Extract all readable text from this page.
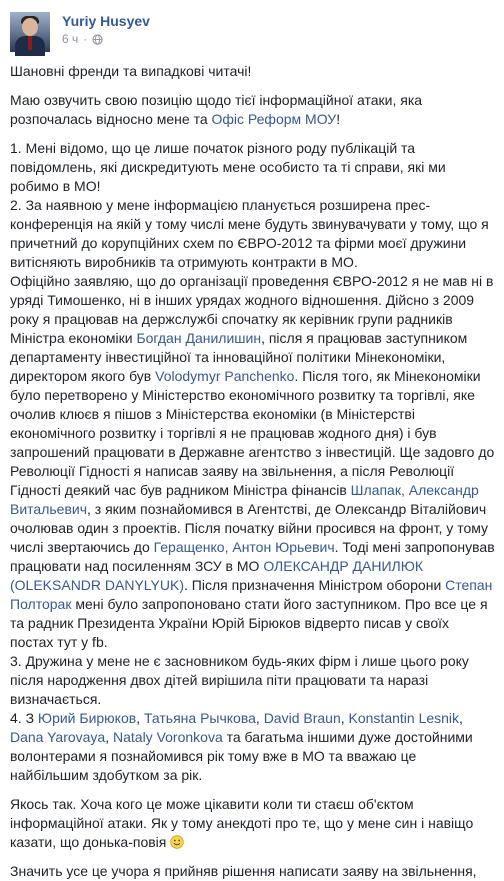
Yuriy Husyev
6 ч ·

Шановні френди та випадкові читачі!

Маю озвучить свою позицію щодо тієї інформаційної атаки, яка розпочалась відносно мене та Офіс Реформ МОУ!

1. Мені відомо, що це лише початок різного роду публікацій та повідомлень, які дискредитують мене особисто та ті справи, які ми робимо в МО!

2. За наявною у мене інформацією планується розширена прес-конференція на якій у тому числі мене будуть звинувачувати у тому, що я причетний до корупційних схем по ЄВРО-2012 та фірми моєї дружини витісняють виробників та отримують контракти в МО.

Офіційно заявляю, що до організації проведення ЄВРО-2012 я не мав ні в уряді Тимошенко, ні в інших урядах жодного відношення. Дійсно з 2009 року я працював на держслужбі спочатку як керівник групи радників Міністра економіки Богдан Данилишин, після я працював заступником департаменту інвестиційної та інноваційної політики Мінекономіки, директором якого був Volodymyr Panchenko. Після того, як Мінекономіки було перетворено у Міністерство економічного розвитку та торгівлі, яке очолив клюєв я пішов з Міністерства економіки (в Міністерстві економічного розвитку і торгівлі я не працював жодного дня) і був запрошений працювати в Державне агентство з інвестицій. Ще задовго до Революції Гідності я написав заяву на звільнення, а після Революції Гідності деякий час був радником Міністра фінансів Шлапак, Александр Витальевич, з яким познайомився в Агентстві, де Олександр Віталійович очолював один з проектів. Після початку війни просився на фронт, у тому числі звертаючись до Геращенко, Антон Юрьевич. Тоді мені запропонував працювати над посиленням ЗСУ в МО ОЛЕКСАНДР ДАНИЛЮК (OLEKSANDR DANYLYUK). Після призначення Міністром оборони Степан Полторак мені було запропоновано стати його заступником. Про все це я та радник Президента України Юрій Бірюков відверто писав у своїх постах тут у fb.

3. Дружина у мене не є засновником будь-яких фірм і лише цього року після народження двох дітей вирішила піти працювати та наразі визначається.

4. З Юрий Бирюков, Татьяна Рычкова, David Braun, Konstantin Lesnik, Dana Yarovaya, Nataly Voronkova та багатьма іншими дуже достойними волонтерами я познайомився рік тому вже в МО та вважаю це найбільшим здобутком за рік.

Якось так. Хоча кого це може цікавити коли ти стаєш об'єктом інформаційної атаки. Як у тому анекдоті про те, що у мене син і навіщо казати, що донька-повія

Значить усе це учора я прийняв рішення написати заяву на звільнення,
